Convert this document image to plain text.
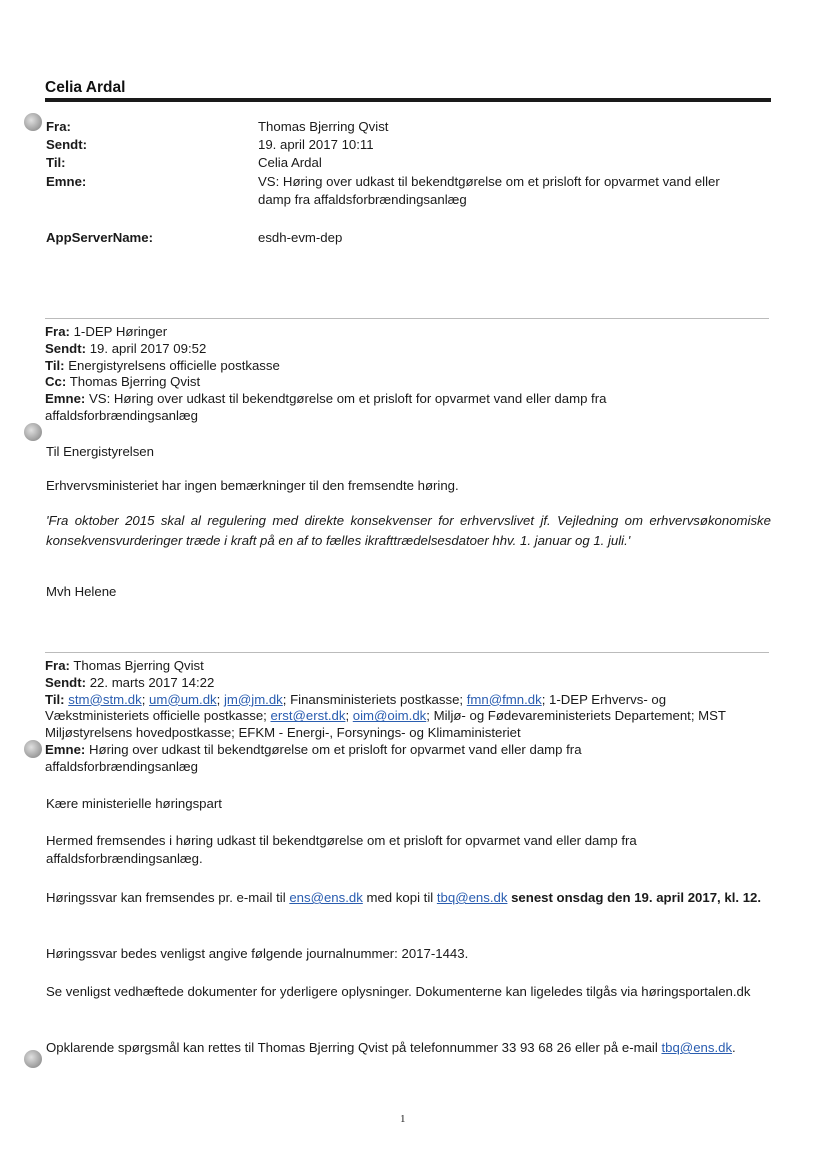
Celia Ardal
Fra:	Thomas Bjerring Qvist
Sendt:	19. april 2017 10:11
Til:	Celia Ardal
Emne:	VS: Høring over udkast til bekendtgørelse om et prisloft for opvarmet vand eller damp fra affaldsforbrændingsanlæg
AppServerName:	esdh-evm-dep
Fra: 1-DEP Høringer
Sendt: 19. april 2017 09:52
Til: Energistyrelsens officielle postkasse
Cc: Thomas Bjerring Qvist
Emne: VS: Høring over udkast til bekendtgørelse om et prisloft for opvarmet vand eller damp fra affaldsforbrændingsanlæg
Til Energistyrelsen
Erhvervsministeriet har ingen bemærkninger til den fremsendte høring.
'Fra oktober 2015 skal al regulering med direkte konsekvenser for erhvervslivet jf. Vejledning om erhvervsøkonomiske konsekvensvurderinger træde i kraft på en af to fælles ikrafttrædelsesdatoer hhv. 1. januar og 1. juli.'
Mvh Helene
Fra: Thomas Bjerring Qvist
Sendt: 22. marts 2017 14:22
Til: stm@stm.dk; um@um.dk; jm@jm.dk; Finansministeriets postkasse; fmn@fmn.dk; 1-DEP Erhvervs- og Vækstministeriets officielle postkasse; erst@erst.dk; oim@oim.dk; Miljø- og Fødevareministeriets Departement; MST Miljøstyrelsens hovedpostkasse; EFKM - Energi-, Forsynings- og Klimaministeriet
Emne: Høring over udkast til bekendtgørelse om et prisloft for opvarmet vand eller damp fra affaldsforbrændingsanlæg
Kære ministerielle høringspart
Hermed fremsendes i høring udkast til bekendtgørelse om et prisloft for opvarmet vand eller damp fra affaldsforbrændingsanlæg.
Høringssvar kan fremsendes pr. e-mail til ens@ens.dk med kopi til tbq@ens.dk senest onsdag den 19. april 2017, kl. 12.
Høringssvar bedes venligst angive følgende journalnummer: 2017-1443.
Se venligst vedhæftede dokumenter for yderligere oplysninger. Dokumenterne kan ligeledes tilgås via høringsportalen.dk
Opklarende spørgsmål kan rettes til Thomas Bjerring Qvist på telefonnummer 33 93 68 26 eller på e-mail tbq@ens.dk.
1
